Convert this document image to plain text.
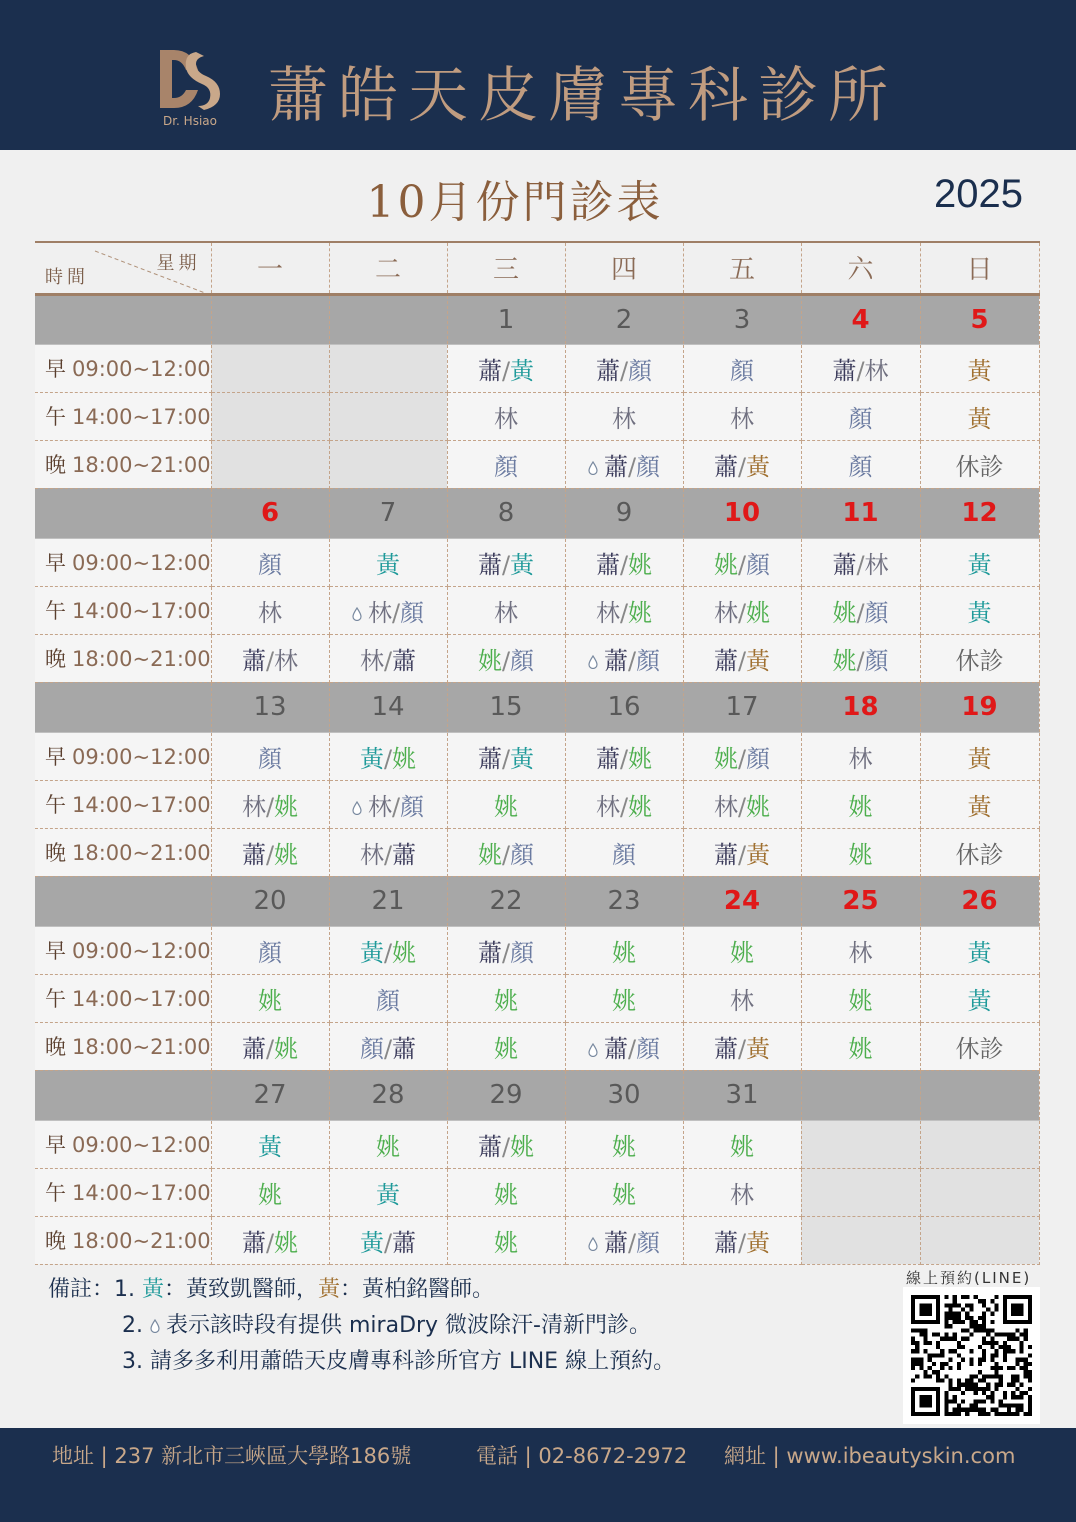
Dr. Hsiao 蕭皓天皮膚專科診所
10月份門診表	2025
星期
時間	一	二	三	四	五	六	日
			1	2	3	4	5
早 09:00~12:00			蕭/黃	蕭/顏	顏	蕭/林	黃
午 14:00~17:00			林	林	林	顏	黃
晚 18:00~21:00			顏	蕭/顏	蕭/黃	顏	休診
	6	7	8	9	10	11	12
早 09:00~12:00	顏	黃	蕭/黃	蕭/姚	姚/顏	蕭/林	黃
午 14:00~17:00	林	林/顏	林	林/姚	林/姚	姚/顏	黃
晚 18:00~21:00	蕭/林	林/蕭	姚/顏	蕭/顏	蕭/黃	姚/顏	休診
	13	14	15	16	17	18	19
早 09:00~12:00	顏	黃/姚	蕭/黃	蕭/姚	姚/顏	林	黃
午 14:00~17:00	林/姚	林/顏	姚	林/姚	林/姚	姚	黃
晚 18:00~21:00	蕭/姚	林/蕭	姚/顏	顏	蕭/黃	姚	休診
	20	21	22	23	24	25	26
早 09:00~12:00	顏	黃/姚	蕭/顏	姚	姚	林	黃
午 14:00~17:00	姚	顏	姚	姚	林	姚	黃
晚 18:00~21:00	蕭/姚	顏/蕭	姚	蕭/顏	蕭/黃	姚	休診
	27	28	29	30	31		
早 09:00~12:00	黃	姚	蕭/姚	姚	姚		
午 14:00~17:00	姚	黃	姚	姚	林		
晚 18:00~21:00	蕭/姚	黃/蕭	姚	蕭/顏	蕭/黃		
備註：1. 黃：黃致凱醫師，黃：黃柏銘醫師。
2. 表示該時段有提供 miraDry 微波除汗-清新門診。
3. 請多多利用蕭皓天皮膚專科診所官方 LINE 線上預約。
線上預約(LINE)
地址 | 237 新北市三峽區大學路186號	電話 | 02-8672-2972 網址 | www.ibeautyskin.com
